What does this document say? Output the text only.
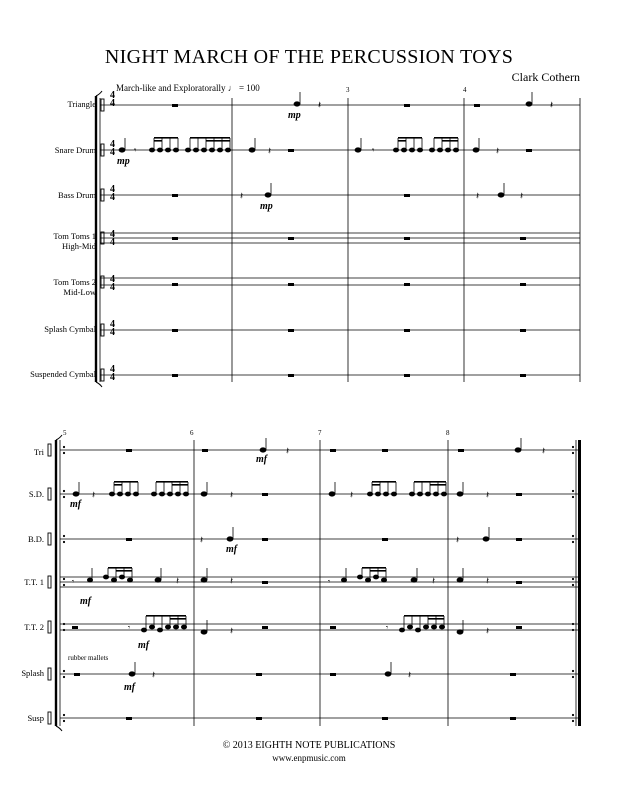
NIGHT MARCH OF THE PERCUSSION TOYS
Clark Cothern
March-like and Exploratorally ♩ = 100
Triangle
Snare Drum
Bass Drum
Tom Toms 1
High-Mid
Tom Toms 2
Mid-Low
Splash Cymbal
Suspended Cymbal
Tri
S.D.
B.D.
T.T. 1
T.T. 2
Splash
Susp
3	4
5	6	7	8
mp
mp
mp
mf
mf
mf
mf
mf
mf
rubber mallets
4
4
4
4
4
4
4
4
4
4
4
4
4
4
𝄽	𝄽
𝄾	𝄽	𝄾	𝄽
𝄽	𝄽	𝄽
𝄽	𝄽
𝄽	𝄽	𝄽	𝄽
𝄽	𝄽
𝄾	𝄽	𝄽	𝄾	𝄽	𝄽
𝄾	𝄽	𝄾	𝄽
𝄽	𝄽
© 2013 EIGHTH NOTE PUBLICATIONS
www.enpmusic.com
